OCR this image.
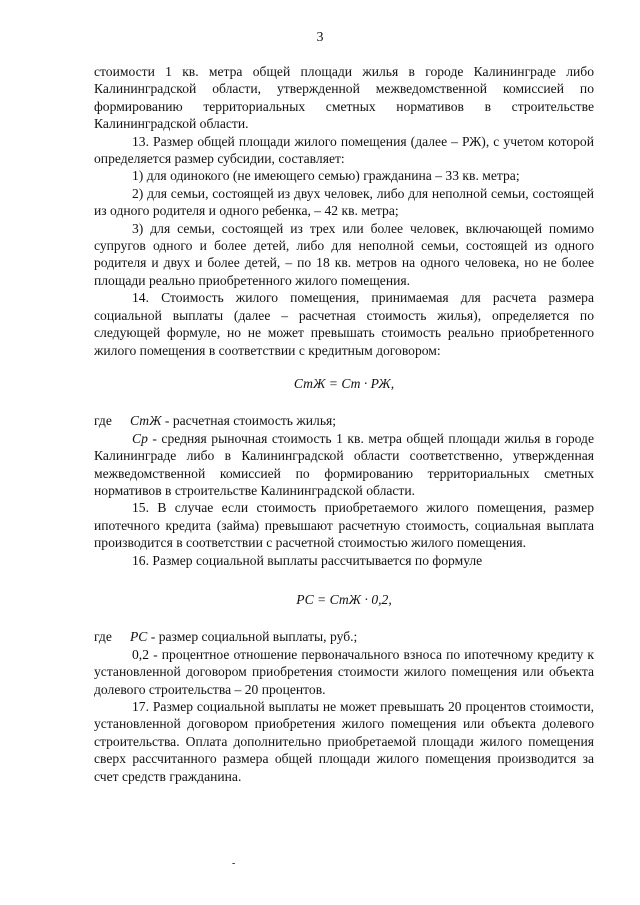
3

стоимости 1 кв. метра общей площади жилья в городе Калининграде либо Калининградской области, утвержденной межведомственной комиссией по формированию территориальных сметных нормативов в строительстве Калининградской области.

13. Размер общей площади жилого помещения (далее – РЖ), с учетом которой определяется размер субсидии, составляет:

1) для одинокого (не имеющего семью) гражданина – 33 кв. метра;

2) для семьи, состоящей из двух человек, либо для неполной семьи, состоящей из одного родителя и одного ребенка, – 42 кв. метра;

3) для семьи, состоящей из трех или более человек, включающей помимо супругов одного и более детей, либо для неполной семьи, состоящей из одного родителя и двух и более детей, – по 18 кв. метров на одного человека, но не более площади реально приобретенного жилого помещения.

14. Стоимость жилого помещения, принимаемая для расчета размера социальной выплаты (далее – расчетная стоимость жилья), определяется по следующей формуле, но не может превышать стоимость реально приобретенного жилого помещения в соответствии с кредитным договором:

СтЖ = Ст · РЖ,

где СтЖ - расчетная стоимость жилья;

Ср - средняя рыночная стоимость 1 кв. метра общей площади жилья в городе Калининграде либо в Калининградской области соответственно, утвержденная межведомственной комиссией по формированию территориальных сметных нормативов в строительстве Калининградской области.

15. В случае если стоимость приобретаемого жилого помещения, размер ипотечного кредита (займа) превышают расчетную стоимость, социальная выплата производится в соответствии с расчетной стоимостью жилого помещения.

16. Размер социальной выплаты рассчитывается по формуле

РС = СтЖ · 0,2,

где РС - размер социальной выплаты, руб.;

0,2 - процентное отношение первоначального взноса по ипотечному кредиту к установленной договором приобретения стоимости жилого помещения или объекта долевого строительства – 20 процентов.

17. Размер социальной выплаты не может превышать 20 процентов стоимости, установленной договором приобретения жилого помещения или объекта долевого строительства. Оплата дополнительно приобретаемой площади жилого помещения сверх рассчитанного размера общей площади жилого помещения производится за счет средств гражданина.

-
